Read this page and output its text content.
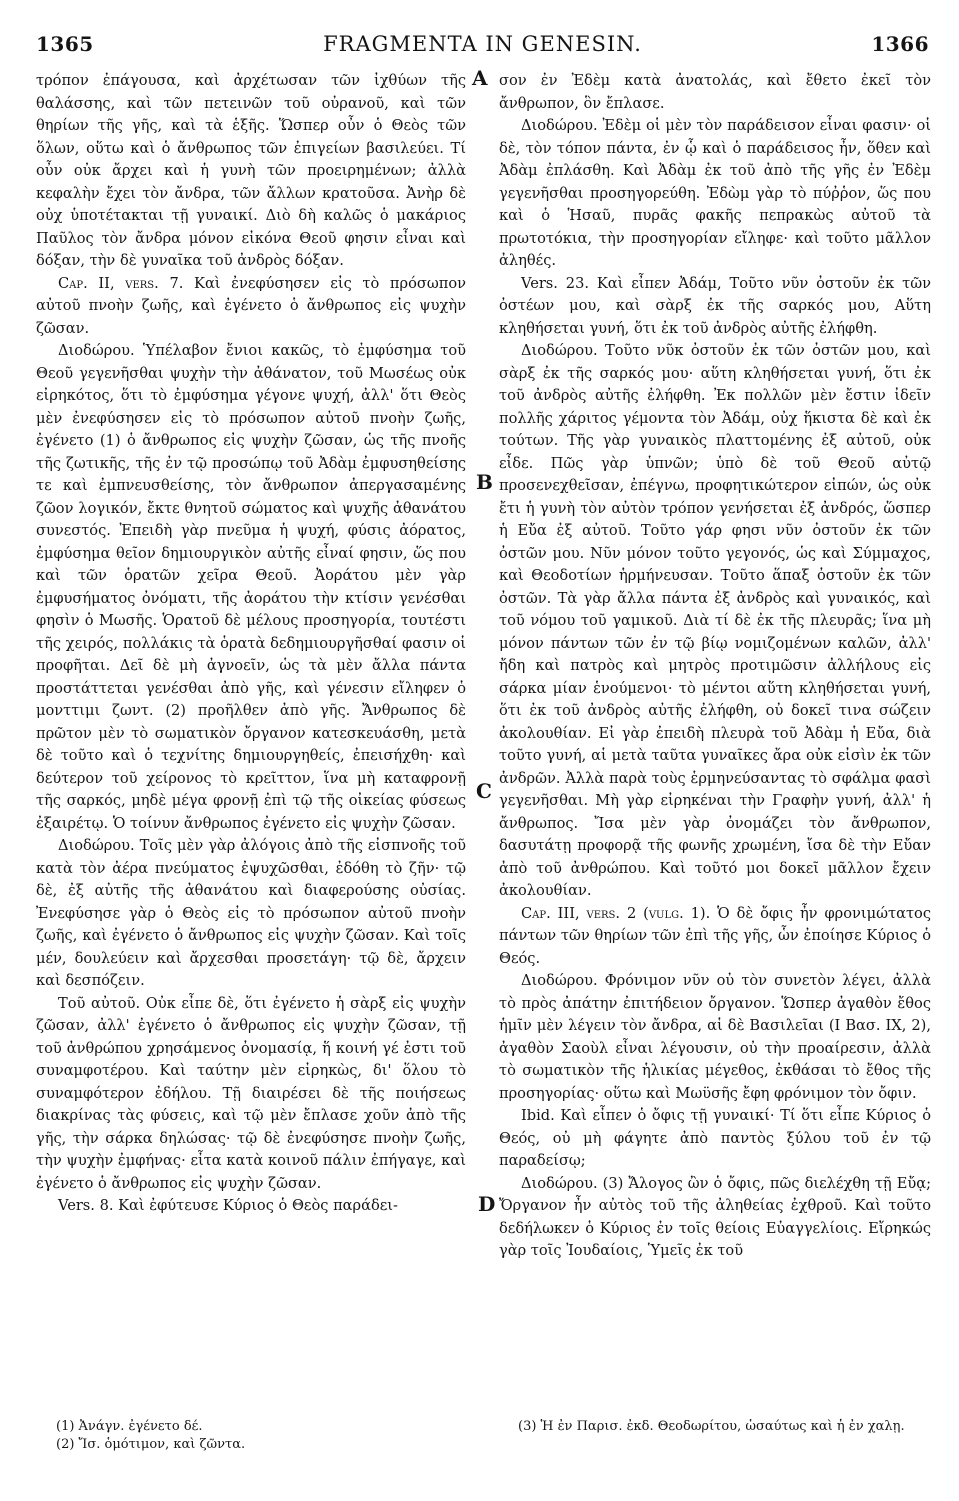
1365	FRAGMENTA IN GENESIN.	1366

τρόπον ἐπάγουσα, καὶ ἀρχέτωσαν τῶν ἰχθύων τῆς θαλάσσης, καὶ τῶν πετεινῶν τοῦ οὐρανοῦ, καὶ τῶν θηρίων τῆς γῆς, καὶ τὰ ἑξῆς. Ὥσπερ οὖν ὁ Θεὸς τῶν ὅλων, οὕτω καὶ ὁ ἄνθρωπος τῶν ἐπιγείων βασιλεύει. Τί οὖν οὐκ ἄρχει καὶ ἡ γυνὴ τῶν προειρημένων; ἀλλὰ κεφαλὴν ἔχει τὸν ἄνδρα, τῶν ἄλλων κρατοῦσα. Ἀνὴρ δὲ οὐχ ὑποτέτακται τῇ γυναικί. Διὸ δὴ καλῶς ὁ μακάριος Παῦλος τὸν ἄνδρα μόνον εἰκόνα Θεοῦ φησιν εἶναι καὶ δόξαν, τὴν δὲ γυναῖκα τοῦ ἀνδρὸς δόξαν.

Cap. II, vers. 7. Καὶ ἐνεφύσησεν εἰς τὸ πρόσωπον αὐτοῦ πνοὴν ζωῆς, καὶ ἐγένετο ὁ ἄνθρωπος εἰς ψυχὴν ζῶσαν.

Διοδώρου. Ὑπέλαβον ἔνιοι κακῶς, τὸ ἐμφύσημα τοῦ Θεοῦ γεγενῆσθαι ψυχὴν τὴν ἀθάνατον, τοῦ Μωσέως οὐκ εἰρηκότος, ὅτι τὸ ἐμφύσημα γέγονε ψυχή, ἀλλ' ὅτι Θεὸς μὲν ἐνεφύσησεν εἰς τὸ πρόσωπον αὐτοῦ πνοὴν ζωῆς, ἐγένετο (1) ὁ ἄνθρωπος εἰς ψυχὴν ζῶσαν, ὡς τῆς πνοῆς τῆς ζωτικῆς, τῆς ἐν τῷ προσώπῳ τοῦ Ἀδὰμ ἐμφυσηθείσης τε καὶ ἐμπνευσθείσης, τὸν ἄνθρωπον ἀπεργασαμένης ζῶον λογικόν, ἔκτε θνητοῦ σώματος καὶ ψυχῆς ἀθανάτου συνεστός. Ἐπειδὴ γὰρ πνεῦμα ἡ ψυχή, φύσις ἀόρατος, ἐμφύσημα θεῖον δημιουργικὸν αὐτῆς εἶναί φησιν, ὥς που καὶ τῶν ὁρατῶν χεῖρα Θεοῦ. Ἀοράτου μὲν γὰρ ἐμφυσήματος ὀνόματι, τῆς ἀοράτου τὴν κτίσιν γενέσθαι φησὶν ὁ Μωσῆς. Ὁρατοῦ δὲ μέλους προσηγορία, τουτέστι τῆς χειρός, πολλάκις τὰ ὁρατὰ δεδημιουργῆσθαί φασιν οἱ προφῆται. Δεῖ δὲ μὴ ἀγνοεῖν, ὡς τὰ μὲν ἄλλα πάντα προστάττεται γενέσθαι ἀπὸ γῆς, καὶ γένεσιν εἴληφεν ὁ μονττιμι ζωντ. (2) προῆλθεν ἀπὸ γῆς. Ἄνθρωπος δὲ πρῶτον μὲν τὸ σωματικὸν ὄργανον κατεσκευάσθη, μετὰ δὲ τοῦτο καὶ ὁ τεχνίτης δημιουργηθείς, ἐπεισήχθη· καὶ δεύτερον τοῦ χείρονος τὸ κρεῖττον, ἵνα μὴ καταφρονῇ τῆς σαρκός, μηδὲ μέγα φρονῇ ἐπὶ τῷ τῆς οἰκείας φύσεως ἐξαιρέτῳ. Ὁ τοίνυν ἄνθρωπος ἐγένετο εἰς ψυχὴν ζῶσαν.

Διοδώρου. Τοῖς μὲν γὰρ ἀλόγοις ἀπὸ τῆς εἰσπνοῆς τοῦ κατὰ τὸν ἀέρα πνεύματος ἐψυχῶσθαι, ἐδόθη τὸ ζῆν· τῷ δὲ, ἐξ αὐτῆς τῆς ἀθανάτου καὶ διαφερούσης οὐσίας. Ἐνεφύσησε γὰρ ὁ Θεὸς εἰς τὸ πρόσωπον αὐτοῦ πνοὴν ζωῆς, καὶ ἐγένετο ὁ ἄνθρωπος εἰς ψυχὴν ζῶσαν. Καὶ τοῖς μέν, δουλεύειν καὶ ἄρχεσθαι προσετάγη· τῷ δὲ, ἄρχειν καὶ δεσπόζειν.

Τοῦ αὐτοῦ. Οὐκ εἶπε δὲ, ὅτι ἐγένετο ἡ σὰρξ εἰς ψυχὴν ζῶσαν, ἀλλ' ἐγένετο ὁ ἄνθρωπος εἰς ψυχὴν ζῶσαν, τῇ τοῦ ἀνθρώπου χρησάμενος ὀνομασίᾳ, ἥ κοινή γέ ἐστι τοῦ συναμφοτέρου. Καὶ ταύτην μὲν εἰρηκὼς, δι' ὅλου τὸ συναμφότερον ἐδήλου. Τῇ διαιρέσει δὲ τῆς ποιήσεως διακρίνας τὰς φύσεις, καὶ τῷ μὲν ἔπλασε χοῦν ἀπὸ τῆς γῆς, τὴν σάρκα δηλώσας· τῷ δὲ ἐνεφύσησε πνοὴν ζωῆς, τὴν ψυχὴν ἐμφήνας· εἶτα κατὰ κοινοῦ πάλιν ἐπήγαγε, καὶ ἐγένετο ὁ ἄνθρωπος εἰς ψυχὴν ζῶσαν.

Vers. 8. Καὶ ἐφύτευσε Κύριος ὁ Θεὸς παράδει-

σον ἐν Ἐδὲμ κατὰ ἀνατολάς, καὶ ἔθετο ἐκεῖ τὸν ἄνθρωπον, ὃν ἔπλασε.

Διοδώρου. Ἐδὲμ οἱ μὲν τὸν παράδεισον εἶναι φασιν· οἱ δὲ, τὸν τόπον πάντα, ἐν ᾧ καὶ ὁ παράδεισος ἦν, ὅθεν καὶ Ἀδὰμ ἐπλάσθη. Καὶ Ἀδὰμ ἐκ τοῦ ἀπὸ τῆς γῆς ἐν Ἐδὲμ γεγενῆσθαι προσηγορεύθη. Ἐδὼμ γὰρ τὸ πύῤῥον, ὥς που καὶ ὁ Ἡσαῦ, πυρᾶς φακῆς πεπρακὼς αὐτοῦ τὰ πρωτοτόκια, τὴν προσηγορίαν εἴληφε· καὶ τοῦτο μᾶλλον ἀληθές.

Vers. 23. Καὶ εἶπεν Ἀδάμ, Τοῦτο νῦν ὀστοῦν ἐκ τῶν ὀστέων μου, καὶ σὰρξ ἐκ τῆς σαρκός μου, Αὕτη κληθήσεται γυνή, ὅτι ἐκ τοῦ ἀνδρὸς αὐτῆς ἐλήφθη.

Διοδώρου. Τοῦτο νῦκ ὀστοῦν ἐκ τῶν ὀστῶν μου, καὶ σὰρξ ἐκ τῆς σαρκός μου· αὕτη κληθήσεται γυνή, ὅτι ἐκ τοῦ ἀνδρὸς αὐτῆς ἐλήφθη. Ἐκ πολλῶν μὲν ἔστιν ἰδεῖν πολλῆς χάριτος γέμοντα τὸν Ἀδάμ, οὐχ ἥκιστα δὲ καὶ ἐκ τούτων. Τῆς γὰρ γυναικὸς πλαττομένης ἐξ αὐτοῦ, οὐκ εἶδε. Πῶς γὰρ ὑπνῶν; ὑπὸ δὲ τοῦ Θεοῦ αὐτῷ προσενεχθεῖσαν, ἐπέγνω, προφητικώτερον εἰπών, ὡς οὐκ ἔτι ἡ γυνὴ τὸν αὐτὸν τρόπον γενήσεται ἐξ ἀνδρός, ὥσπερ ἡ Εὔα ἐξ αὐτοῦ. Τοῦτο γάρ φησι νῦν ὀστοῦν ἐκ τῶν ὀστῶν μου. Νῦν μόνον τοῦτο γεγονός, ὡς καὶ Σύμμαχος, καὶ Θεοδοτίων ἡρμήνευσαν. Τοῦτο ἅπαξ ὀστοῦν ἐκ τῶν ὀστῶν. Τὰ γὰρ ἄλλα πάντα ἐξ ἀνδρὸς καὶ γυναικός, καὶ τοῦ νόμου τοῦ γαμικοῦ. Διὰ τί δὲ ἐκ τῆς πλευρᾶς; ἵνα μὴ μόνον πάντων τῶν ἐν τῷ βίῳ νομιζομένων καλῶν, ἀλλ' ἤδη καὶ πατρὸς καὶ μητρὸς προτιμῶσιν ἀλλήλους εἰς σάρκα μίαν ἑνούμενοι· τὸ μέντοι αὕτη κληθήσεται γυνή, ὅτι ἐκ τοῦ ἀνδρὸς αὐτῆς ἐλήφθη, οὐ δοκεῖ τινα σώζειν ἀκολουθίαν. Εἰ γὰρ ἐπειδὴ πλευρὰ τοῦ Ἀδὰμ ἡ Εὔα, διὰ τοῦτο γυνή, αἱ μετὰ ταῦτα γυναῖκες ἄρα οὐκ εἰσὶν ἐκ τῶν ἀνδρῶν. Ἀλλὰ παρὰ τοὺς ἑρμηνεύσαντας τὸ σφάλμα φασὶ γεγενῆσθαι. Μὴ γὰρ εἰρηκέναι τὴν Γραφὴν γυνή, ἀλλ' ἡ ἄνθρωπος. Ἴσα μὲν γὰρ ὀνομάζει τὸν ἄνθρωπον, δασυτάτῃ προφορᾷ τῆς φωνῆς χρωμένη, ἴσα δὲ τὴν Εὔαν ἀπὸ τοῦ ἀνθρώπου. Καὶ τοῦτό μοι δοκεῖ μᾶλλον ἔχειν ἀκολουθίαν.

Cap. III, vers. 2 (vulg. 1). Ὁ δὲ ὄφις ἦν φρονιμώτατος πάντων τῶν θηρίων τῶν ἐπὶ τῆς γῆς, ὧν ἐποίησε Κύριος ὁ Θεός.

Διοδώρου. Φρόνιμον νῦν οὐ τὸν συνετὸν λέγει, ἀλλὰ τὸ πρὸς ἀπάτην ἐπιτήδειον ὄργανον. Ὥσπερ ἀγαθὸν ἔθος ἡμῖν μὲν λέγειν τὸν ἄνδρα, αἱ δὲ Βασιλεῖαι (Ι Βασ. ΙΧ, 2), ἀγαθὸν Σαοὺλ εἶναι λέγουσιν, οὐ τὴν προαίρεσιν, ἀλλὰ τὸ σωματικὸν τῆς ἡλικίας μέγεθος, ἐκθάσαι τὸ ἔθος τῆς προσηγορίας· οὕτω καὶ Μωϋσῆς ἔφη φρόνιμον τὸν ὄφιν.

Ibid. Καὶ εἶπεν ὁ ὄφις τῇ γυναικί· Τί ὅτι εἶπε Κύριος ὁ Θεός, οὐ μὴ φάγητε ἀπὸ παντὸς ξύλου τοῦ ἐν τῷ παραδείσῳ;

Διοδώρου. (3) Ἄλογος ὢν ὁ ὄφις, πῶς διελέχθη τῇ Εὔᾳ; Ὄργανον ἦν αὐτὸς τοῦ τῆς ἀληθείας ἐχθροῦ. Καὶ τοῦτο δεδήλωκεν ὁ Κύριος ἐν τοῖς θείοις Εὐαγγελίοις. Εἴρηκώς γὰρ τοῖς Ἰουδαίοις, Ὑμεῖς ἐκ τοῦ

A
B
C
D

(1) Ἀνάγν. ἐγένετο δέ.

(2) Ἴσ. ὁμότιμον, καὶ ζῶντα.

(3) Ἡ ἐν Παρισ. ἐκδ. Θεοδωρίτου, ὡσαύτως καὶ ἡ ἐν χαλῃ.
